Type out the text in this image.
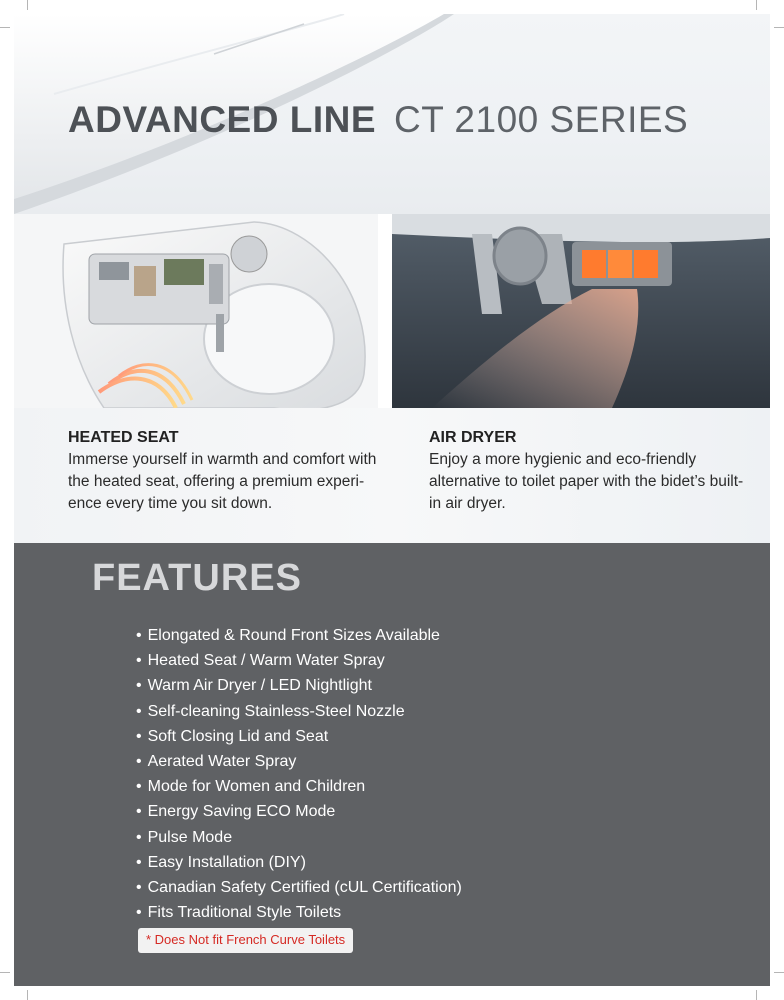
ADVANCED LINE CT 2100 SERIES
HEATED SEAT

Immerse yourself in warmth and comfort with the heated seat, offering a premium experi-ence every time you sit down.

AIR DRYER

Enjoy a more hygienic and eco-friendly alternative to toilet paper with the bidet’s built-in air dryer.

FEATURES
• Elongated & Round Front Sizes Available
• Heated Seat / Warm Water Spray
• Warm Air Dryer / LED Nightlight
• Self-cleaning Stainless-Steel Nozzle
• Soft Closing Lid and Seat
• Aerated Water Spray
• Mode for Women and Children
• Energy Saving ECO Mode
• Pulse Mode
• Easy Installation (DIY)
• Canadian Safety Certified (cUL Certification)
• Fits Traditional Style Toilets
* Does Not fit French Curve Toilets
